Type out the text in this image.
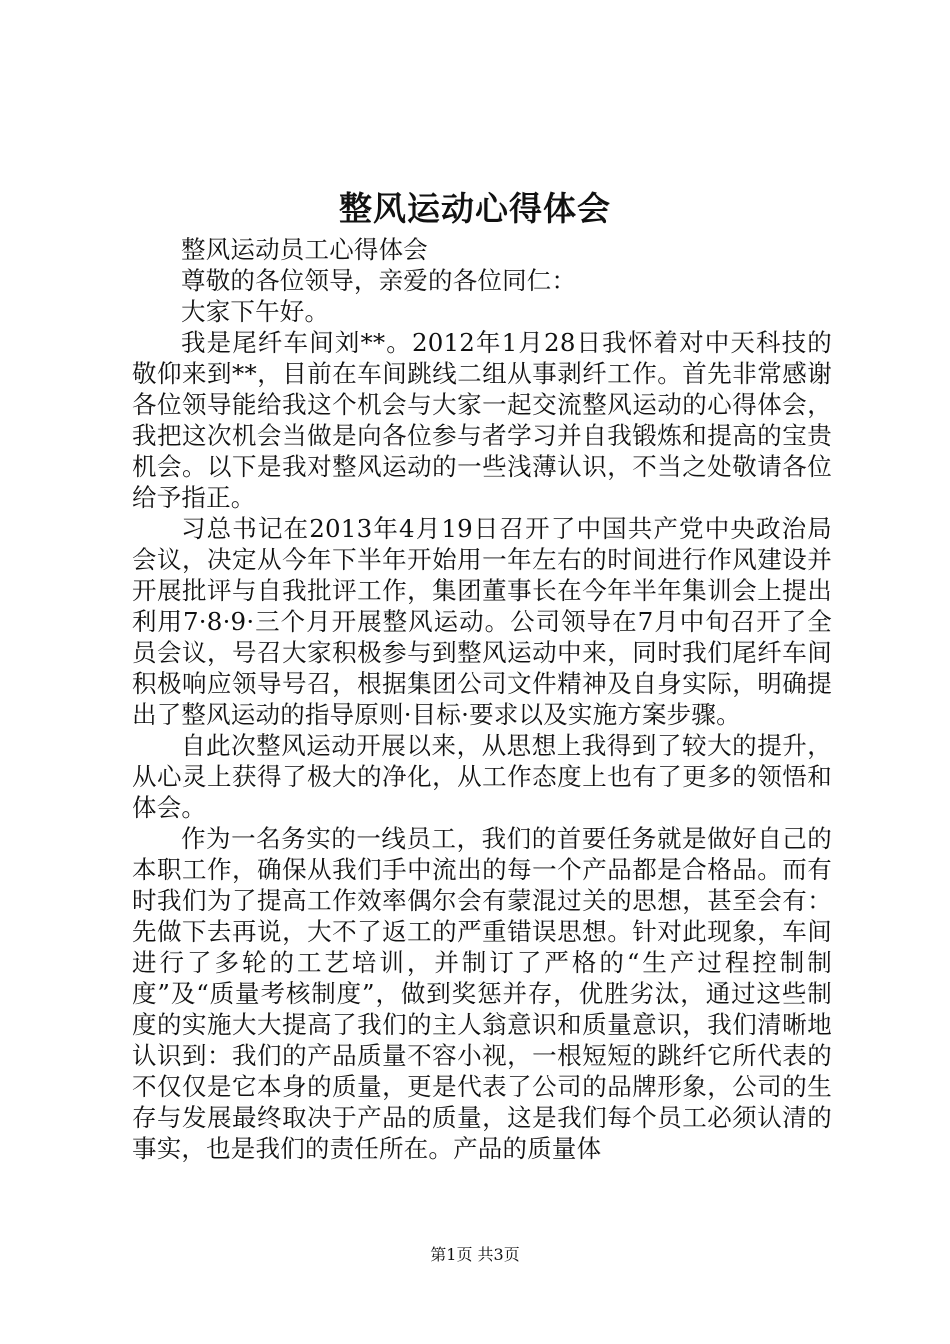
整风运动心得体会

整风运动员工心得体会

尊敬的各位领导，亲爱的各位同仁：

大家下午好。

我是尾纤车间刘**。2012年1月28日我怀着对中天科技的敬仰来到**，目前在车间跳线二组从事剥纤工作。首先非常感谢各位领导能给我这个机会与大家一起交流整风运动的心得体会，我把这次机会当做是向各位参与者学习并自我锻炼和提高的宝贵机会。以下是我对整风运动的一些浅薄认识，不当之处敬请各位给予指正。

习总书记在2013年4月19日召开了中国共产党中央政治局会议，决定从今年下半年开始用一年左右的时间进行作风建设并开展批评与自我批评工作，集团董事长在今年半年集训会上提出利用7·8·9·三个月开展整风运动。公司领导在7月中旬召开了全员会议，号召大家积极参与到整风运动中来，同时我们尾纤车间积极响应领导号召，根据集团公司文件精神及自身实际，明确提出了整风运动的指导原则·目标·要求以及实施方案步骤。

自此次整风运动开展以来，从思想上我得到了较大的提升，从心灵上获得了极大的净化，从工作态度上也有了更多的领悟和体会。

作为一名务实的一线员工，我们的首要任务就是做好自己的本职工作，确保从我们手中流出的每一个产品都是合格品。而有时我们为了提高工作效率偶尔会有蒙混过关的思想，甚至会有：先做下去再说，大不了返工的严重错误思想。针对此现象，车间进行了多轮的工艺培训，并制订了严格的“生产过程控制制度”及“质量考核制度”，做到奖惩并存，优胜劣汰，通过这些制度的实施大大提高了我们的主人翁意识和质量意识，我们清晰地认识到：我们的产品质量不容小视，一根短短的跳纤它所代表的不仅仅是它本身的质量，更是代表了公司的品牌形象，公司的生存与发展最终取决于产品的质量，这是我们每个员工必须认清的事实，也是我们的责任所在。产品的质量体

第1页 共3页
